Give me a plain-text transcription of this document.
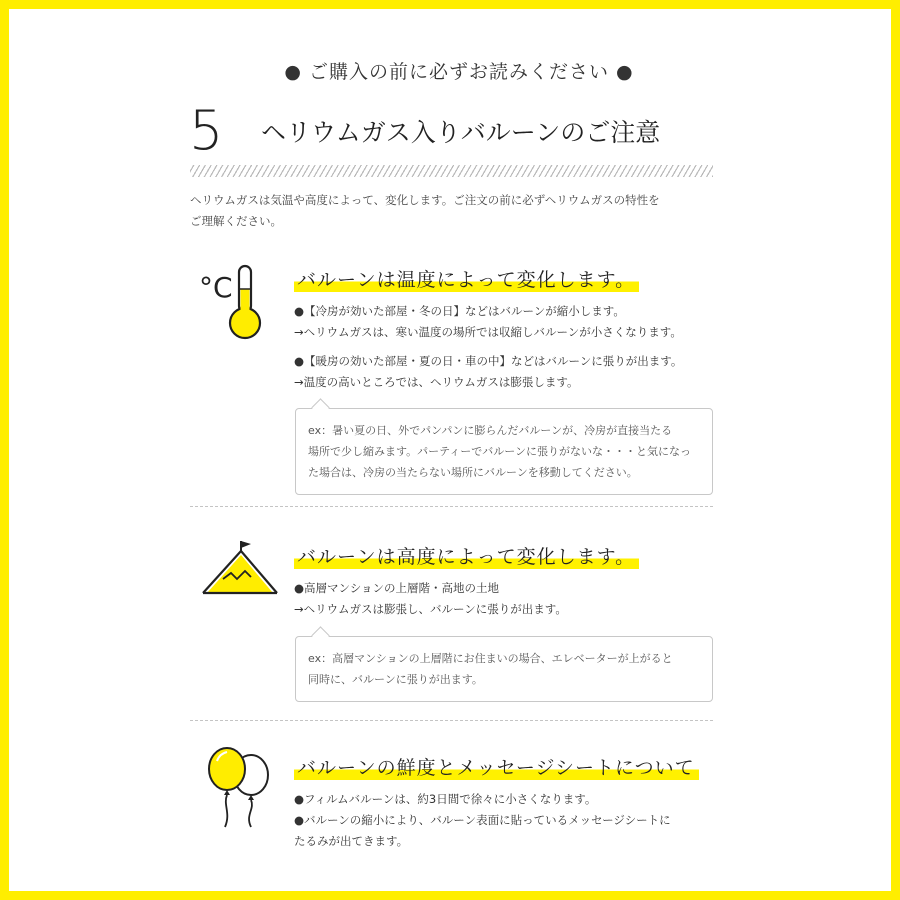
● ご購入の前に必ずお読みください ●
5	ヘリウムガス入りバルーンのご注意
ヘリウムガスは気温や高度によって、変化します。ご注文の前に必ずヘリウムガスの特性を
ご理解ください。
°C	バルーンは温度によって変化します。

●【冷房が効いた部屋・冬の日】などはバルーンが縮小します。

→ヘリウムガスは、寒い温度の場所では収縮しバルーンが小さくなります。

●【暖房の効いた部屋・夏の日・車の中】などはバルーンに張りが出ます。

→温度の高いところでは、ヘリウムガスは膨張します。

ex：暑い夏の日、外でパンパンに膨らんだバルーンが、冷房が直接当たる
場所で少し縮みます。パーティーでバルーンに張りがないな・・・と気になっ
た場合は、冷房の当たらない場所にバルーンを移動してください。
バルーンは高度によって変化します。

●高層マンションの上層階・高地の土地

→ヘリウムガスは膨張し、バルーンに張りが出ます。

ex：高層マンションの上層階にお住まいの場合、エレベーターが上がると
同時に、バルーンに張りが出ます。
バルーンの鮮度とメッセージシートについて

●フィルムバルーンは、約3日間で徐々に小さくなります。

●バルーンの縮小により、バルーン表面に貼っているメッセージシートに

たるみが出てきます。
